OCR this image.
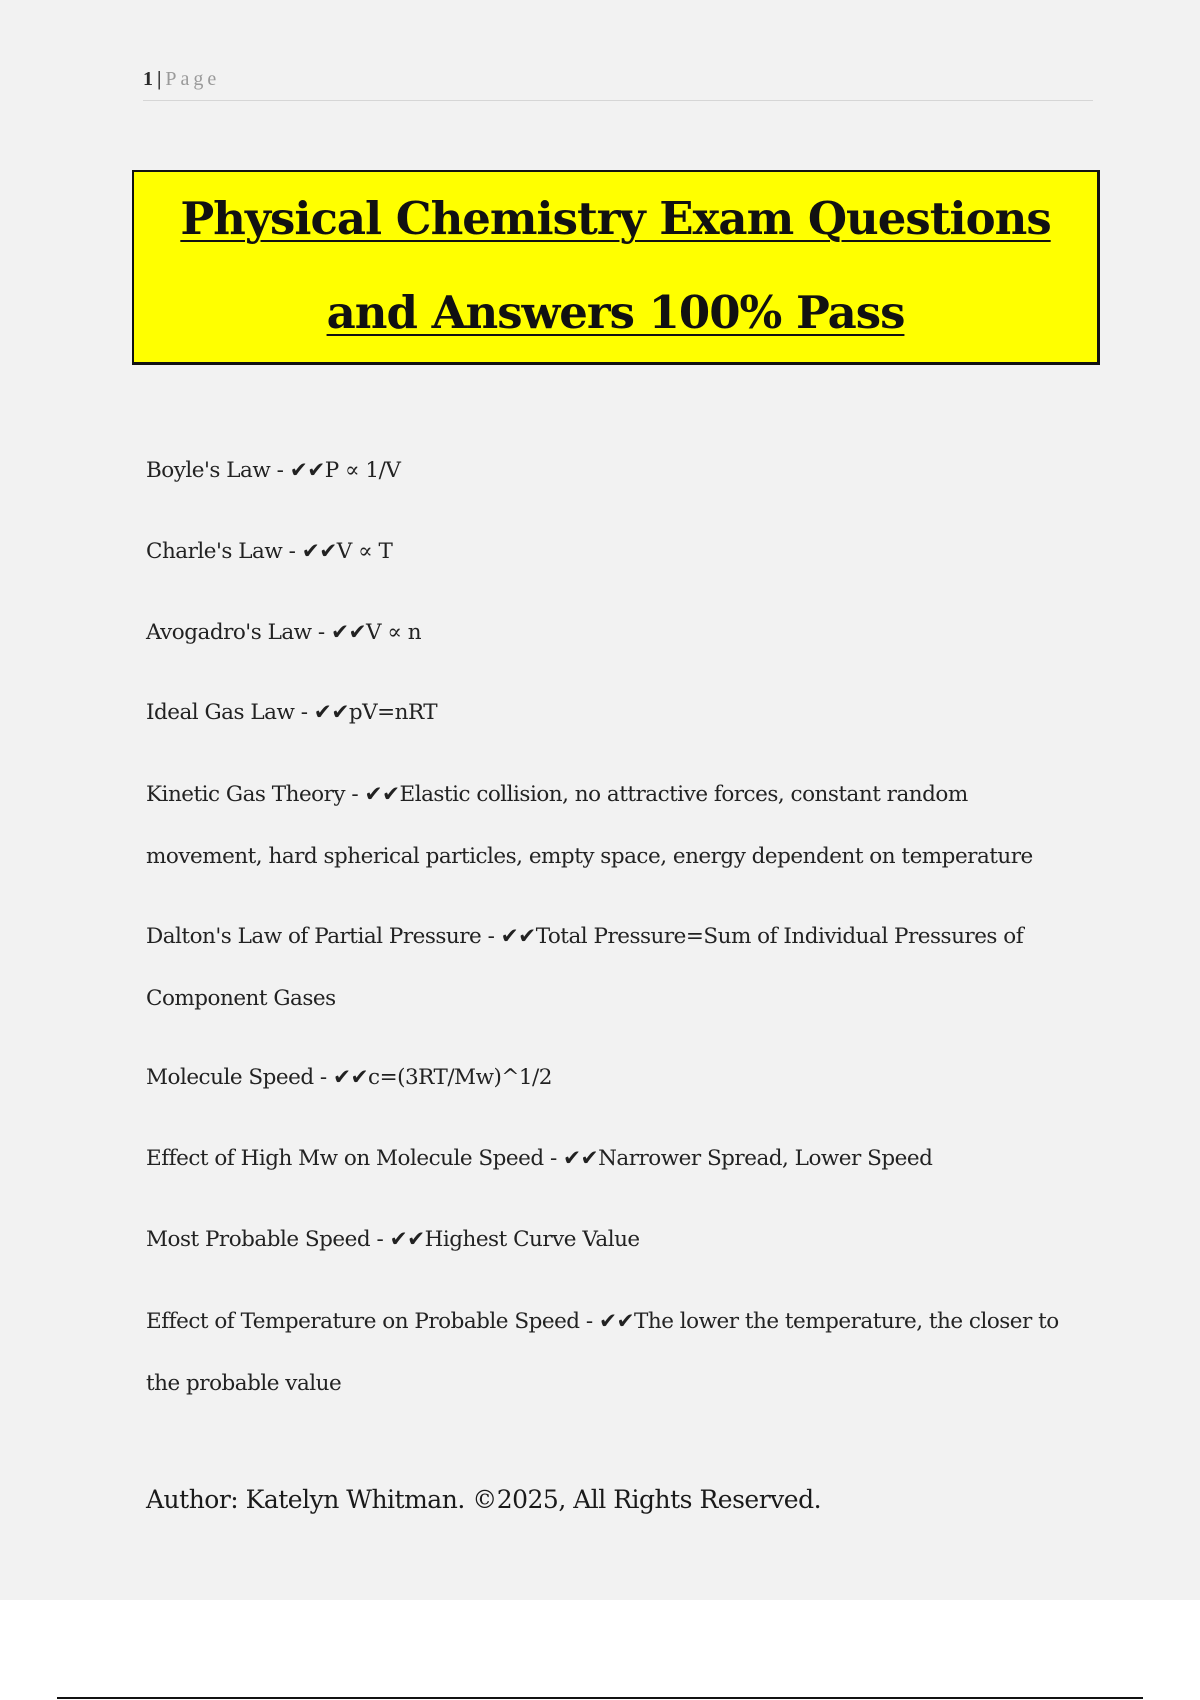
1 | Page
Physical Chemistry Exam Questions
and Answers 100% Pass

Boyle's Law - ✔✔P ∝ 1/V

Charle's Law - ✔✔V ∝ T

Avogadro's Law - ✔✔V ∝ n

Ideal Gas Law - ✔✔pV=nRT

Kinetic Gas Theory - ✔✔Elastic collision, no attractive forces, constant random movement, hard spherical particles, empty space, energy dependent on temperature

Dalton's Law of Partial Pressure - ✔✔Total Pressure=Sum of Individual Pressures of Component Gases

Molecule Speed - ✔✔c=(3RT/Mw)^1/2

Effect of High Mw on Molecule Speed - ✔✔Narrower Spread, Lower Speed

Most Probable Speed - ✔✔Highest Curve Value

Effect of Temperature on Probable Speed - ✔✔The lower the temperature, the closer to the probable value

Author: Katelyn Whitman. ©2025, All Rights Reserved.
